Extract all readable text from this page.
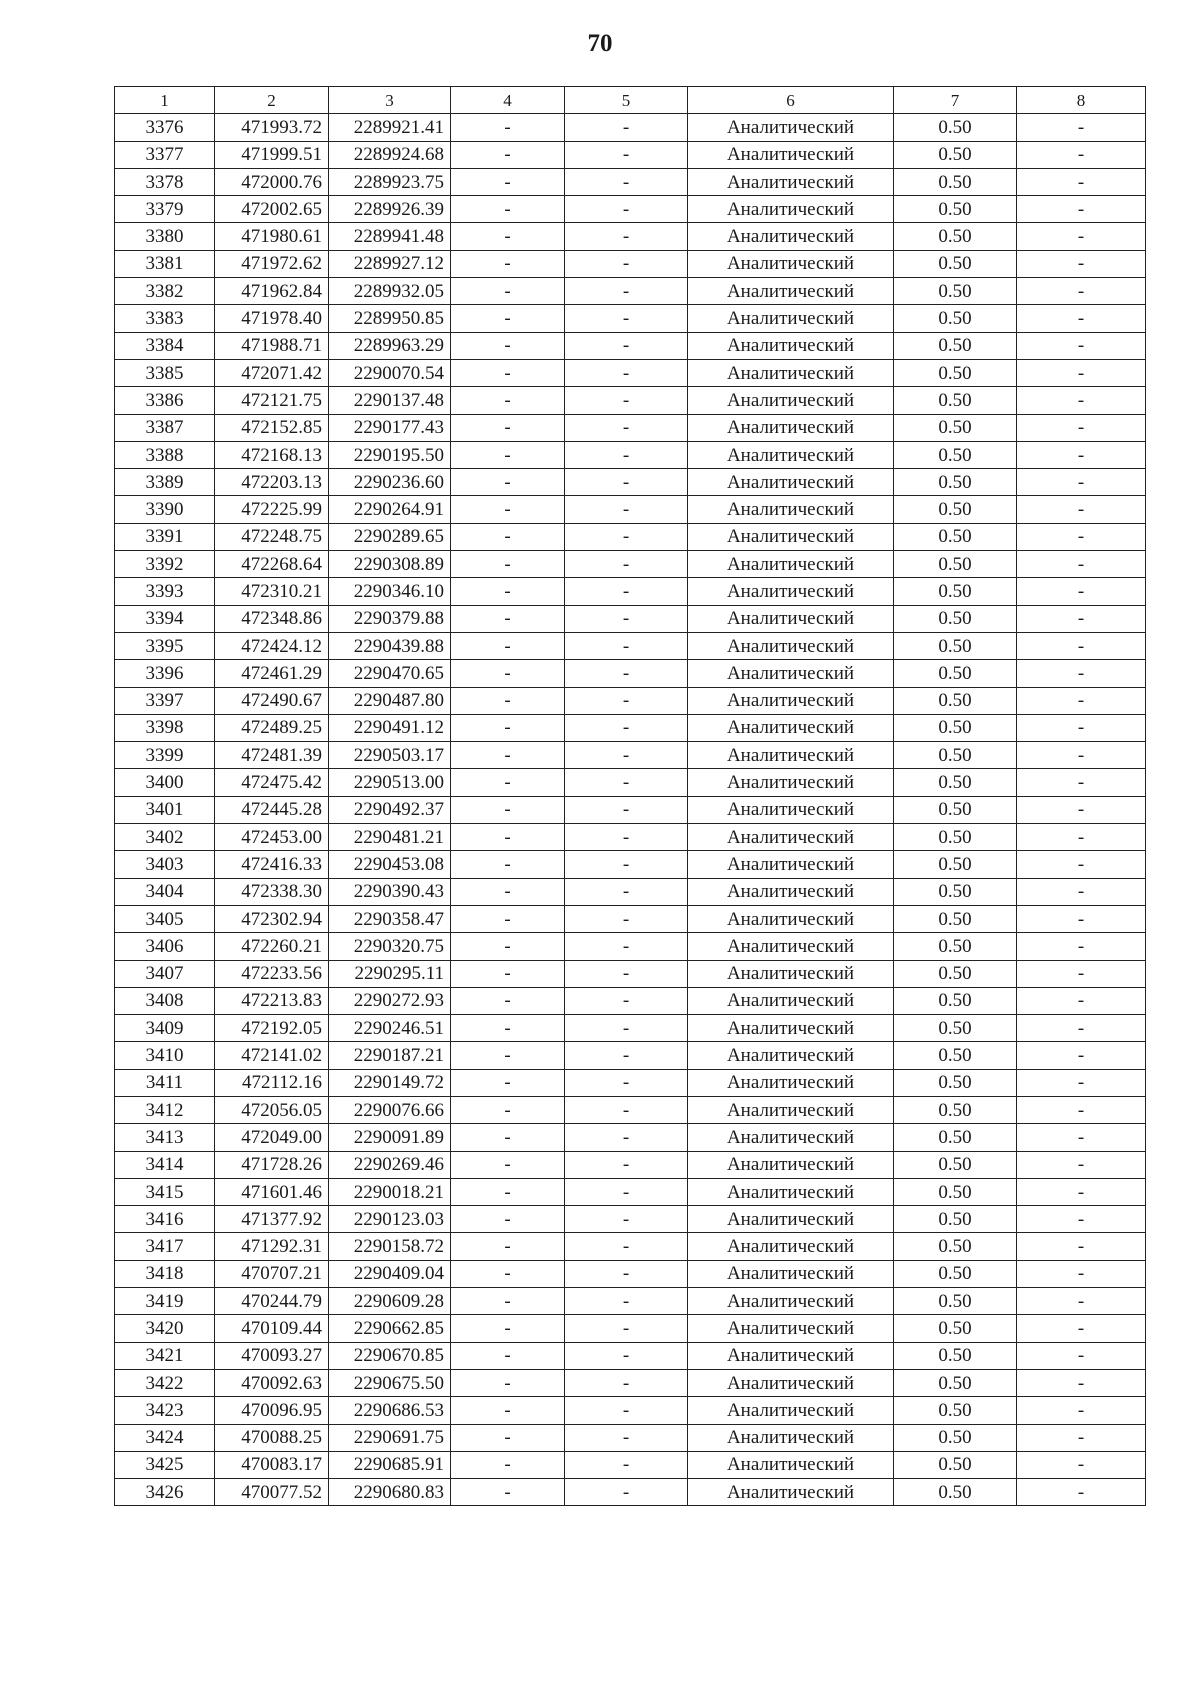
70
1	2	3	4	5	6	7	8
3376	471993.72	2289921.41	-	-	Аналитический	0.50	-
3377	471999.51	2289924.68	-	-	Аналитический	0.50	-
3378	472000.76	2289923.75	-	-	Аналитический	0.50	-
3379	472002.65	2289926.39	-	-	Аналитический	0.50	-
3380	471980.61	2289941.48	-	-	Аналитический	0.50	-
3381	471972.62	2289927.12	-	-	Аналитический	0.50	-
3382	471962.84	2289932.05	-	-	Аналитический	0.50	-
3383	471978.40	2289950.85	-	-	Аналитический	0.50	-
3384	471988.71	2289963.29	-	-	Аналитический	0.50	-
3385	472071.42	2290070.54	-	-	Аналитический	0.50	-
3386	472121.75	2290137.48	-	-	Аналитический	0.50	-
3387	472152.85	2290177.43	-	-	Аналитический	0.50	-
3388	472168.13	2290195.50	-	-	Аналитический	0.50	-
3389	472203.13	2290236.60	-	-	Аналитический	0.50	-
3390	472225.99	2290264.91	-	-	Аналитический	0.50	-
3391	472248.75	2290289.65	-	-	Аналитический	0.50	-
3392	472268.64	2290308.89	-	-	Аналитический	0.50	-
3393	472310.21	2290346.10	-	-	Аналитический	0.50	-
3394	472348.86	2290379.88	-	-	Аналитический	0.50	-
3395	472424.12	2290439.88	-	-	Аналитический	0.50	-
3396	472461.29	2290470.65	-	-	Аналитический	0.50	-
3397	472490.67	2290487.80	-	-	Аналитический	0.50	-
3398	472489.25	2290491.12	-	-	Аналитический	0.50	-
3399	472481.39	2290503.17	-	-	Аналитический	0.50	-
3400	472475.42	2290513.00	-	-	Аналитический	0.50	-
3401	472445.28	2290492.37	-	-	Аналитический	0.50	-
3402	472453.00	2290481.21	-	-	Аналитический	0.50	-
3403	472416.33	2290453.08	-	-	Аналитический	0.50	-
3404	472338.30	2290390.43	-	-	Аналитический	0.50	-
3405	472302.94	2290358.47	-	-	Аналитический	0.50	-
3406	472260.21	2290320.75	-	-	Аналитический	0.50	-
3407	472233.56	2290295.11	-	-	Аналитический	0.50	-
3408	472213.83	2290272.93	-	-	Аналитический	0.50	-
3409	472192.05	2290246.51	-	-	Аналитический	0.50	-
3410	472141.02	2290187.21	-	-	Аналитический	0.50	-
3411	472112.16	2290149.72	-	-	Аналитический	0.50	-
3412	472056.05	2290076.66	-	-	Аналитический	0.50	-
3413	472049.00	2290091.89	-	-	Аналитический	0.50	-
3414	471728.26	2290269.46	-	-	Аналитический	0.50	-
3415	471601.46	2290018.21	-	-	Аналитический	0.50	-
3416	471377.92	2290123.03	-	-	Аналитический	0.50	-
3417	471292.31	2290158.72	-	-	Аналитический	0.50	-
3418	470707.21	2290409.04	-	-	Аналитический	0.50	-
3419	470244.79	2290609.28	-	-	Аналитический	0.50	-
3420	470109.44	2290662.85	-	-	Аналитический	0.50	-
3421	470093.27	2290670.85	-	-	Аналитический	0.50	-
3422	470092.63	2290675.50	-	-	Аналитический	0.50	-
3423	470096.95	2290686.53	-	-	Аналитический	0.50	-
3424	470088.25	2290691.75	-	-	Аналитический	0.50	-
3425	470083.17	2290685.91	-	-	Аналитический	0.50	-
3426	470077.52	2290680.83	-	-	Аналитический	0.50	-
